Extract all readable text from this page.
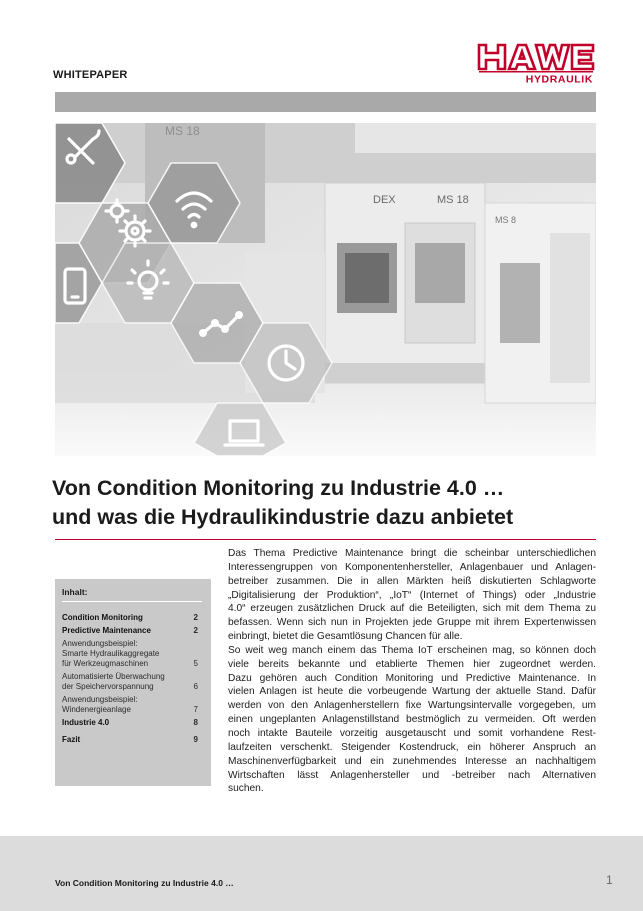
WHITEPAPER	HYDRAULIK
MS 18
DEX	MS 18
MS 8
Von Condition Monitoring zu Industrie 4.0 …
und was die Hydraulikindustrie dazu anbietet
Inhalt:
Condition Monitoring	2
Predictive Maintenance	2
Anwendungsbeispiel:
Smarte Hydraulikaggregate
für Werkzeugmaschinen	5
Automatisierte Überwachung
der Speichervorspannung	6
Anwendungsbeispiel:
Windenergieanlage	7
Industrie 4.0	8
Fazit	9
Das Thema Predictive Maintenance bringt die scheinbar unterschiedlichen
Interessengruppen von Komponentenhersteller, Anlagenbauer und Anlagen-
betreiber zusammen. Die in allen Märkten heiß diskutierten Schlagworte
„Digitalisierung der Produktion“, „IoT“ (Internet of Things) oder „Industrie
4.0“ erzeugen zusätzlichen Druck auf die Beteiligten, sich mit dem Thema zu
befassen. Wenn sich nun in Projekten jede Gruppe mit ihrem Expertenwissen
einbringt, bietet die Gesamtlösung Chancen für alle.
So weit weg manch einem das Thema IoT erscheinen mag, so können doch
viele bereits bekannte und etablierte Themen hier zugeordnet werden.
Dazu gehören auch Condition Monitoring und Predictive Maintenance. In
vielen Anlagen ist heute die vorbeugende Wartung der aktuelle Stand. Dafür
werden von den Anlagenherstellern fixe Wartungsintervalle vorgegeben, um
einen ungeplanten Anlagenstillstand bestmöglich zu vermeiden. Oft werden
noch intakte Bauteile vorzeitig ausgetauscht und somit vorhandene Rest-
laufzeiten verschenkt. Steigender Kostendruck, ein höherer Anspruch an
Maschinenverfügbarkeit und ein zunehmendes Interesse an nachhaltigem
Wirtschaften lässt Anlagenhersteller und -betreiber nach Alternativen
suchen.
Von Condition Monitoring zu Industrie 4.0 …	1
